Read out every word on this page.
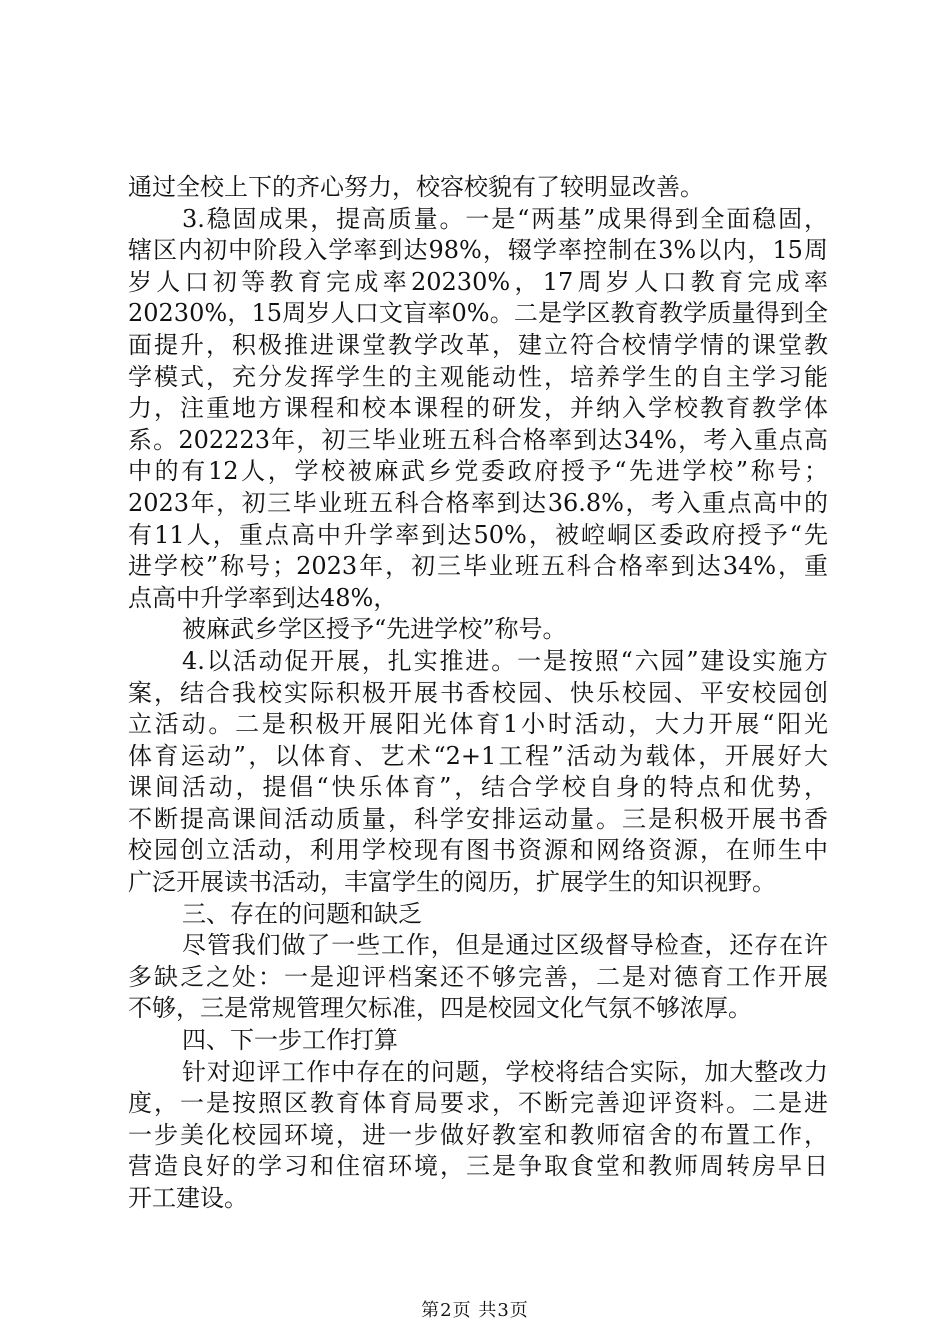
通过全校上下的齐心努力，校容校貌有了较明显改善。
3.稳固成果，提高质量。一是“两基”成果得到全面稳固，
辖区内初中阶段入学率到达98%，辍学率控制在3%以内，15周
岁人口初等教育完成率20230%，17周岁人口教育完成率
20230%，15周岁人口文盲率0%。二是学区教育教学质量得到全
面提升，积极推进课堂教学改革，建立符合校情学情的课堂教
学模式，充分发挥学生的主观能动性，培养学生的自主学习能
力，注重地方课程和校本课程的研发，并纳入学校教育教学体
系。202223年，初三毕业班五科合格率到达34%，考入重点高
中的有12人，学校被麻武乡党委政府授予“先进学校”称号；
2023年，初三毕业班五科合格率到达36.8%，考入重点高中的
有11人，重点高中升学率到达50%，被崆峒区委政府授予“先
进学校”称号；2023年，初三毕业班五科合格率到达34%，重
点高中升学率到达48%，
被麻武乡学区授予“先进学校”称号。
4.以活动促开展，扎实推进。一是按照“六园”建设实施方
案，结合我校实际积极开展书香校园、快乐校园、平安校园创
立活动。二是积极开展阳光体育1小时活动，大力开展“阳光
体育运动”，以体育、艺术“2+1工程”活动为载体，开展好大
课间活动，提倡“快乐体育”，结合学校自身的特点和优势，
不断提高课间活动质量，科学安排运动量。三是积极开展书香
校园创立活动，利用学校现有图书资源和网络资源，在师生中
广泛开展读书活动，丰富学生的阅历，扩展学生的知识视野。
三、存在的问题和缺乏
尽管我们做了一些工作，但是通过区级督导检查，还存在许
多缺乏之处：一是迎评档案还不够完善，二是对德育工作开展
不够，三是常规管理欠标准，四是校园文化气氛不够浓厚。
四、下一步工作打算
针对迎评工作中存在的问题，学校将结合实际，加大整改力
度，一是按照区教育体育局要求，不断完善迎评资料。二是进
一步美化校园环境，进一步做好教室和教师宿舍的布置工作，
营造良好的学习和住宿环境，三是争取食堂和教师周转房早日
开工建设。
第2页 共3页
